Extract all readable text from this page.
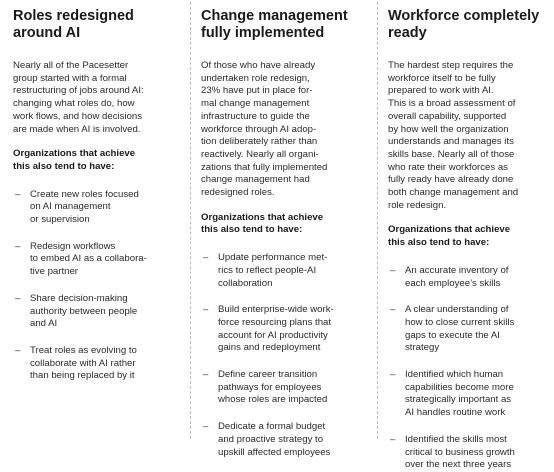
Roles redesigned
around AI

Nearly all of the Pacesetter
group started with a formal
restructuring of jobs around AI:
changing what roles do, how
work flows, and how decisions
are made when AI is involved.

Organizations that achieve
this also tend to have:

– Create new roles focused
on AI management
or supervision
– Redesign workflows
to embed AI as a collabora-
tive partner
– Share decision-making
authority between people
and AI
– Treat roles as evolving to
collaborate with AI rather
than being replaced by it
Change management
fully implemented

Of those who have already
undertaken role redesign,
23% have put in place for-
mal change management
infrastructure to guide the
workforce through AI adop-
tion deliberately rather than
reactively. Nearly all organi-
zations that fully implemented
change management had
redesigned roles.

Organizations that achieve
this also tend to have:

– Update performance met-
rics to reflect people-AI
collaboration
– Build enterprise-wide work-
force resourcing plans that
account for AI productivity
gains and redeployment
– Define career transition
pathways for employees
whose roles are impacted
– Dedicate a formal budget
and proactive strategy to
upskill affected employees
Workforce completely
ready

The hardest step requires the
workforce itself to be fully
prepared to work with AI.
This is a broad assessment of
overall capability, supported
by how well the organization
understands and manages its
skills base. Nearly all of those
who rate their workforces as
fully ready have already done
both change management and
role redesign.

Organizations that achieve
this also tend to have:

– An accurate inventory of
each employee’s skills
– A clear understanding of
how to close current skills
gaps to execute the AI
strategy
– Identified which human
capabilities become more
strategically important as
AI handles routine work
– Identified the skills most
critical to business growth
over the next three years
